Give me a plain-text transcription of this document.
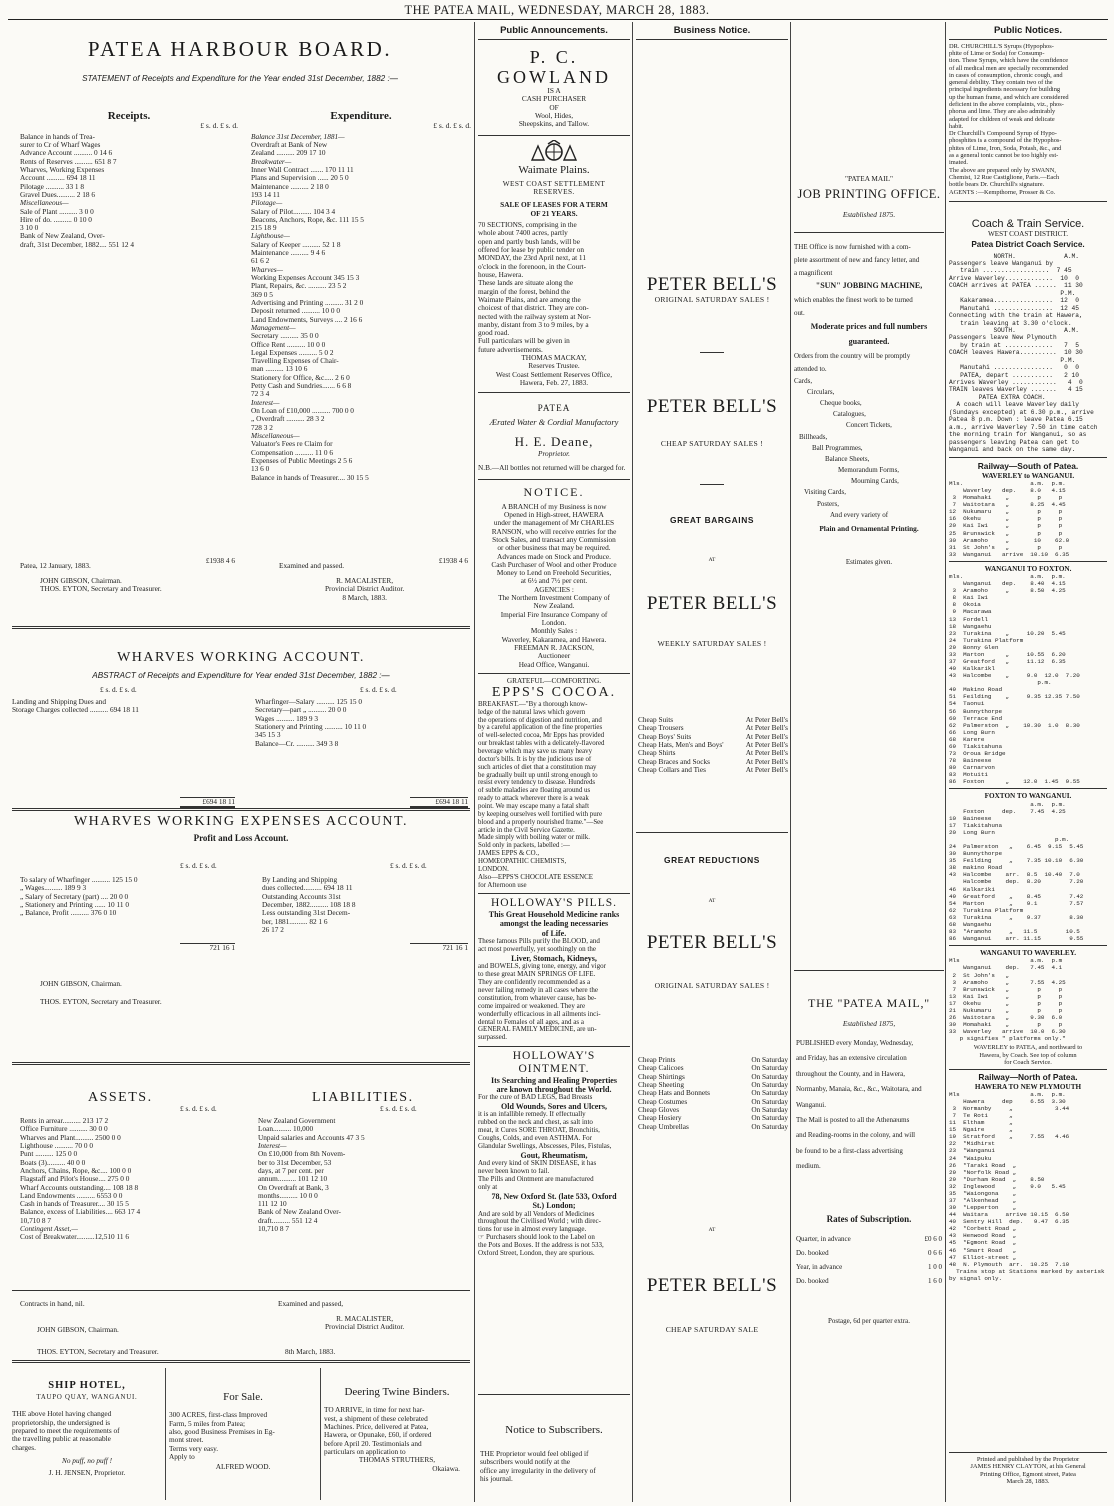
THE PATEA MAIL, WEDNESDAY, MARCH 28, 1883.
PATEA HARBOUR BOARD.
STATEMENT of Receipts and Expenditure for the Year ended 31st December, 1882 :—
Receipts.
£ s. d. £ s. d.
Balance in hands of Trea-
surer to Cr of Wharf Wages
Advance Account .......... 0 14 6
Rents of Reserves .......... 651 8 7
Wharves, Working Expenses
Account .......... 694 18 11
Pilotage .......... 33 1 8
Gravel Dues.......... 2 18 6
Miscellaneous—
Sale of Plant .......... 3 0 0
Hire of do. .......... 0 10 0
3 10 0
Bank of New Zealand, Over-
draft, 31st December, 1882.... 551 12 4
Expenditure.
£ s. d. £ s. d.
Balance 31st December, 1881—
Overdraft at Bank of New
Zealand .......... 209 17 10
Breakwater—
Inner Wall Contract ....... 170 11 11
Plans and Supervision ...... 20 5 0
Maintenance .......... 2 18 0
193 14 11
Pilotage—
Salary of Pilot.......... 104 3 4
Beacons, Anchors, Rope, &c. 111 15 5
215 18 9
Lighthouse—
Salary of Keeper .......... 52 1 8
Maintenance .......... 9 4 6
61 6 2
Wharves—
Working Expenses Account 345 15 3
Plant, Repairs, &c. .......... 23 5 2
369 0 5
Advertising and Printing .......... 31 2 0
Deposit returned .......... 10 0 0
Land Endowments, Surveys .... 2 16 6
Management—
Secretary .......... 35 0 0
Office Rent .......... 10 0 0
Legal Expenses .......... 5 0 2
Travelling Expenses of Chair-
man .......... 13 10 6
Stationery for Office, &c..... 2 6 0
Petty Cash and Sundries....... 6 6 8
72 3 4
Interest—
On Loan of £10,000 .......... 700 0 0
„ Overdraft .......... 28 3 2
728 3 2
Miscellaneous—
Valuator's Fees re Claim for
Compensation .......... 11 0 6
Expenses of Public Meetings 2 5 6
13 6 0
Balance in hands of Treasurer.... 30 15 5
£1938 4 6	£1938 4 6
Patea, 12 January, 1883.	Examined and passed.
JOHN GIBSON, Chairman.
THOS. EYTON, Secretary and Treasurer.
R. MACALISTER,
Provincial District Auditor.
8 March, 1883.
WHARVES WORKING ACCOUNT.
ABSTRACT of Receipts and Expenditure for Year ended 31st December, 1882 :—
£ s. d. £ s. d.	£ s. d. £ s. d.
Landing and Shipping Dues and
Storage Charges collected .......... 694 18 11
Wharfinger—Salary .......... 125 15 0
Secretary—part „ .......... 20 0 0
Wages .......... 189 9 3
Stationery and Printing .......... 10 11 0
345 15 3
Balance—Cr. .......... 349 3 8
£694 18 11	£694 18 11
WHARVES WORKING EXPENSES ACCOUNT.
Profit and Loss Account.
£ s. d. £ s. d.	£ s. d. £ s. d.
To salary of Wharfinger .......... 125 15 0
„ Wages.......... 189 9 3
„ Salary of Secretary (part) .... 20 0 0
„ Stationery and Printing ...... 10 11 0
„ Balance, Profit .......... 376 0 10
By Landing and Shipping
dues collected.......... 694 18 11
Outstanding Accounts 31st
December, 1882.......... 108 18 8
Less outstanding 31st Decem-
ber, 1881.......... 82 1 6
26 17 2
721 16 1	721 16 1
JOHN GIBSON, Chairman.
THOS. EYTON, Secretary and Treasurer.
ASSETS.	LIABILITIES.
£ s. d. £ s. d.	£ s. d. £ s. d.
Rents in arrear.......... 213 17 2
Office Furniture .......... 30 0 0
Wharves and Plant.......... 2500 0 0
Lighthouse .......... 70 0 0
Punt .......... 125 0 0
Boats (3).......... 40 0 0
Anchors, Chains, Rope, &c.... 100 0 0
Flagstaff and Pilot's House.... 275 0 0
Wharf Accounts outstanding.... 108 18 8
Land Endowments .......... 6553 0 0
Cash in hands of Treasurer.... 30 15 5
Balance, excess of Liabilities.... 663 17 4
10,710 8 7
Contingent Asset,—
Cost of Breakwater..........12,510 11 6
New Zealand Government
Loan.......... 10,000
Unpaid salaries and Accounts 47 3 5
Interest—
On £10,000 from 8th Novem-
ber to 31st December, 53
days, at 7 per cent. per
annum.......... 101 12 10
On Overdraft at Bank, 3
months.......... 10 0 0
111 12 10
Bank of New Zealand Over-
draft.......... 551 12 4
10,710 8 7
Contracts in hand, nil.	Examined and passed,
R. MACALISTER,
Provincial District Auditor.
JOHN GIBSON, Chairman.
THOS. EYTON, Secretary and Treasurer.	8th March, 1883.
SHIP HOTEL,
TAUPO QUAY, WANGANUI.
THE above Hotel having changed
proprietorship, the undersigned is
prepared to meet the requirements of
the travelling public at reasonable
charges.
No puff, no puff !
J. H. JENSEN, Proprietor.
For Sale.
300 ACRES, first-class Improved
Farm, 5 miles from Patea;
also, good Business Premises in Eg-
mont street.
Terms very easy.
Apply to
ALFRED WOOD.
Deering Twine Binders.
TO ARRIVE, in time for next har-
vest, a shipment of these celebrated
Machines. Price, delivered at Patea,
Hawera, or Opunake, £60, if ordered
before April 20. Testimonials and
particulars on application to
THOMAS STRUTHERS,
Okaiawa.
Public Announcements.
P. C. GOWLAND
IS A
CASH PURCHASER
OF
Wool, Hides,
Sheepskins, and Tallow.
Waimate Plains.
WEST COAST SETTLEMENT
RESERVES.
SALE OF LEASES FOR A TERM
OF 21 YEARS.
70 SECTIONS, comprising in the
whole about 7400 acres, partly
open and partly bush lands, will be
offered for lease by public tender on
MONDAY, the 23rd April next, at 11
o'clock in the forenoon, in the Court-
house, Hawera.
These lands are situate along the
margin of the forest, behind the
Waimate Plains, and are among the
choicest of that district. They are con-
nected with the railway system at Nor-
manby, distant from 3 to 9 miles, by a
good road.
Full particulars will be given in
future advertisements.
THOMAS MACKAY,
Reserves Trustee.
West Coast Settlement Reserves Office,
Hawera, Feb. 27, 1883.
PATEA
Ærated Water & Cordial Manufactory
H. E. Deane,
Proprietor.
N.B.—All bottles not returned will be charged for.
NOTICE.
A BRANCH of my Business is now
Opened in High-street, HAWERA
under the management of Mr CHARLES
RANSON, who will receive entries for the
Stock Sales, and transact any Commission
or other business that may be required.
Advances made on Stock and Produce.
Cash Purchaser of Wool and other Produce
Money to Lend on Freehold Securities,
at 6½ and 7½ per cent.
AGENCIES :
The Northern Investment Company of
New Zealand.
Imperial Fire Insurance Company of
London.
Monthly Sales :
Waverley, Kakaramea, and Hawera.
FREEMAN R. JACKSON,
Auctioneer
Head Office, Wanganui.
GRATEFUL—COMFORTING.
EPPS'S COCOA.
BREAKFAST.—"By a thorough know-
ledge of the natural laws which govern
the operations of digestion and nutrition, and
by a careful application of the fine properties
of well-selected cocoa, Mr Epps has provided
our breakfast tables with a delicately-flavored
beverage which may save us many heavy
doctor's bills. It is by the judicious use of
such articles of diet that a constitution may
be gradually built up until strong enough to
resist every tendency to disease. Hundreds
of subtle maladies are floating around us
ready to attack wherever there is a weak
point. We may escape many a fatal shaft
by keeping ourselves well fortified with pure
blood and a properly nourished frame."—See
article in the Civil Service Gazette.
Made simply with boiling water or milk.
Sold only in packets, labelled :—
JAMES EPPS & CO.,
HOMŒOPATHIC CHEMISTS,
LONDON.
Also—EPPS'S CHOCOLATE ESSENCE
for Afternoon use
HOLLOWAY'S PILLS.
This Great Household Medicine ranks
amongst the leading necessaries
of Life.
These famous Pills purify the BLOOD, and
act most powerfully, yet soothingly on the
Liver, Stomach, Kidneys,
and BOWELS, giving tone, energy, and vigor
to these great MAIN SPRINGS OF LIFE.
They are confidently recommended as a
never failing remedy in all cases where the
constitution, from whatever cause, has be-
come impaired or weakened. They are
wonderfully efficacious in all ailments inci-
dental to Females of all ages, and as a
GENERAL FAMILY MEDICINE, are un-
surpassed.
HOLLOWAY'S OINTMENT.
Its Searching and Healing Properties
are known throughout the World.
For the cure of BAD LEGS, Bad Breasts
Old Wounds, Sores and Ulcers,
it is an infallible remedy. If effectually
rubbed on the neck and chest, as salt into
meat, it Cures SORE THROAT, Bronchitis,
Coughs, Colds, and even ASTHMA. For
Glandular Swellings, Abscesses, Piles, Fistulas,
Gout, Rheumatism,
And every kind of SKIN DISEASE, it has
never been known to fail.
The Pills and Ointment are manufactured
only at
78, New Oxford St. (late 533, Oxford
St.) London;
And are sold by all Vendors of Medicines
throughout the Civilised World ; with direc-
tions for use in almost every language.
☞ Purchasers should look to the Label on
the Pots and Boxes. If the address is not 533,
Oxford Street, London, they are spurious.
Business Notice.
PETER BELL'S
ORIGINAL SATURDAY SALES !
PETER BELL'S
CHEAP SATURDAY SALES !
GREAT BARGAINS
AT
PETER BELL'S
WEEKLY SATURDAY SALES !
Cheap Suits	At Peter Bell's
Cheap Trousers	At Peter Bell's
Cheap Boys' Suits	At Peter Bell's
Cheap Hats, Men's and Boys'	At Peter Bell's
Cheap Shirts	At Peter Bell's
Cheap Braces and Socks	At Peter Bell's
Cheap Collars and Ties	At Peter Bell's
GREAT REDUCTIONS
AT
PETER BELL'S
ORIGINAL SATURDAY SALES !
Cheap Prints	On Saturday
Cheap Calicoes	On Saturday
Cheap Shirtings	On Saturday
Cheap Sheeting	On Saturday
Cheap Hats and Bonnets	On Saturday
Cheap Costumes	On Saturday
Cheap Gloves	On Saturday
Cheap Hosiery	On Saturday
Cheap Umbrellas	On Saturday
AT
PETER BELL'S
CHEAP SATURDAY SALE
Notice to Subscribers.
THE Proprietor would feel obliged if
subscribers would notify at the
office any irregularity in the delivery of
his journal.
"PATEA MAIL"
JOB PRINTING OFFICE.
Established 1875.
THE Office is now furnished with a com-
plete assortment of new and fancy letter, and
a magnificent
"SUN" JOBBING MACHINE,
which enables the finest work to be turned
out.
Moderate prices and full numbers
guaranteed.
Orders from the country will be promptly
attended to.
Cards,
Circulars,
Cheque books,
Catalogues,
Concert Tickets,
Billheads,
Ball Programmes,
Balance Sheets,
Memorandum Forms,
Mourning Cards,
Visiting Cards,
Posters,
And every variety of
Plain and Ornamental Printing.
Estimates given.
THE "PATEA MAIL,"
Established 1875,
PUBLISHED every Monday, Wednesday,
and Friday, has an extensive circulation
throughout the County, and in Hawera,
Normanby, Manaia, &c., &c., Waitotara, and
Wanganui.
The Mail is posted to all the Athenæums
and Reading-rooms in the colony, and will
be found to be a first-class advertising
medium.
Rates of Subscription.
Quarter, in advance	£0 6 0
Do. booked	0 6 6
Year, in advance	1 0 0
Do. booked	1 6 0
Postage, 6d per quarter extra.
Public Notices.
DR. CHURCHILL'S Syrups (Hypophos-
phite of Lime or Soda) for Consump-
tion. These Syrups, which have the confidence
of all medical men are specially recommended
in cases of consumption, chronic cough, and
general debility. They contain two of the
principal ingredients necessary for building
up the human frame, and which are considered
deficient in the above complaints, viz., phos-
phorus and lime. They are also admirably
adapted for children of weak and delicate
habit.
Dr Churchill's Compound Syrup of Hypo-
phosphites is a compound of the Hypophos-
phites of Lime, Iron, Soda, Potash, &c., and
as a general tonic cannot be too highly est-
imated.
The above are prepared only by SWANN,
Chemist, 12 Rue Castiglione, Paris.—Each
bottle bears Dr. Churchill's signature.
AGENTS :—Kempthorne, Prosser & Co.
Coach & Train Service.
WEST COAST DISTRICT.
Patea District Coach Service.
NORTH.             A.M.
Passengers leave Wanganui by
train ..................  7 45
Arrive Waverley.............  10  0
COACH arrives at PATEA ......  11 30
P.M.
Kakaramea................  12  0
Manutahi ................  12 45
Connecting with the train at Hawera,
train leaving at 3.30 o'clock.
SOUTH.             A.M.
Passengers leave New Plymouth
by train at .............   7  5
COACH leaves Hawera..........  10 30
P.M.
Manutahi ................   0  0
PATEA, depart ...........   2 10
Arrives Waverley ............   4  0
TRAIN leaves Waverley .......   4 15
PATEA EXTRA COACH.
A coach will leave Waverley daily
(Sundays excepted) at 6.30 p.m., arrive
Patea 8 p.m. Down : leave Patea 6.15
a.m., arrive Waverley 7.50 in time catch
the morning train for Wanganui, so as
passengers leaving Patea can get to
Wanganui and back on the same day.
Railway—South of Patea.
WAVERLEY to WANGANUI.
Mls.                   a.m.  p.m.
Waverley   dep.    8.0   4.15
3  Momahaki    „        p     p
7  Waitotara   „      8.25  4.45
12  Nukumaru    „        p     p
16  Okehu       „        p     p
20  Kai Iwi     „        p     p
25  Brunswick   „        p     p
30  Aramoho     „       10    62.0
31  St John's   „        p     p
33  Wanganui   arrive  10.10  6.35
WANGANUI TO FOXTON.
mls.                   a.m.  p.m.
Wanganui   dep.    8.40  4.15
3  Aramoho     „      8.50  4.25
8  Kai Iwi
8  Okoia
9  Macarawa
13  Fordell
18  Wangaehu
23  Turakina    „     10.20  5.45
24  Turakina Platform
29  Bonny Glen
33  Marton      „     10.55  6.20
37  Greatford   „     11.12  6.35
40  Kalkarikl
43  Halcombe    „     9.0  12.0  7.20
p.m.
49  Makino Road
51  Feilding    „     9.35 12.35 7.50
54  Taonui
56  Bunnythorpe
60  Terrace End
62  Palmerston  „    10.30  1.0  8.30
66  Long Burn
68  Karere
69  Tiakitahuna
73  Oroua Bridge
78  Baineese
80  Carnarvon
83  Motuiti
86  Foxton      „    12.0  1.45  9.55
FOXTON TO WANGANUI.
a.m.  p.m.
Foxton     dep.    7.45  4.25
10  Baineese
17  Tiakitahuna
20  Long Burn
p.m.
24  Palmerston   „    6.45  9.15  5.45
30  Bunnythorpe
35  Feilding     „    7.35 10.10  6.30
38  makino Road
43  Halcombe    arr.  8.5  10.40  7.0
Halcombe    dep.  8.20        7.20
46  Kalkariki
49  Greatford    „    8.45        7.42
54  Marton       „    9.1         7.57
62  Turakina Platform
63  Turakina     „    9.37        8.30
68  Wangaehu
83  *Aramoho     „   11.5        10.5
86  Wanganui    arr. 11.15        9.55
WANGANUI TO WAVERLEY.
Mls                    a.m.  p.m
Wanganui    dep.   7.45  4.1
2  St John's   „
3  Aramoho     „      7.55  4.25
7  Brunswick   „        p     p
13  Kai Iwi     „        p     p
17  Okehu       „        p     p
21  Nukumaru    „        p     p
26  Waitotara   „      9.30  6.0
30  Momahaki    „        p     p
33  Waverley   arrive  10.0  6.30
p signifies " platforms only."
WAVERLEY to PATEA, and northward to
Hawera, by Coach. See top of column
for Coach Service.
Railway—North of Patea.
HAWERA TO NEW PLYMOUTH
Mls                    a.m.  p.m.
Hawera     dep     6.55  3.30
3  Normanby     „            3.44
7  Te Roti      „
11  Eltham       „
15  Ngaire       „
19  Stratford    „     7.55   4.46
22  *Midhirst
23  *Wanganui
24  *Waipuku
26  *Taraki Road  „
29  *Norfolk Road „
29  *Durham Road  „    8.50
32  Inglewood     „    9.0   5.45
35  *Waiongona    „
37  *Alkenhead    „
39  *Lepperton    „
44  Waitara     arrive 10.15  6.50
40  Sentry Hill  dep.   9.47  6.35
42  *Corbett Road „
43  Henwood Road  „
45  *Egmont Road  „
46  *Smart Road   „
47  Elliot-street „
48  N. Plymouth  arr.  10.25  7.10
Trains stop at Stations marked by asterisk
by signal only.
Printed and published by the Proprietor
JAMES HENRY CLAYTON, at his General
Printing Office, Egmont street, Patea
March 28, 1883.
